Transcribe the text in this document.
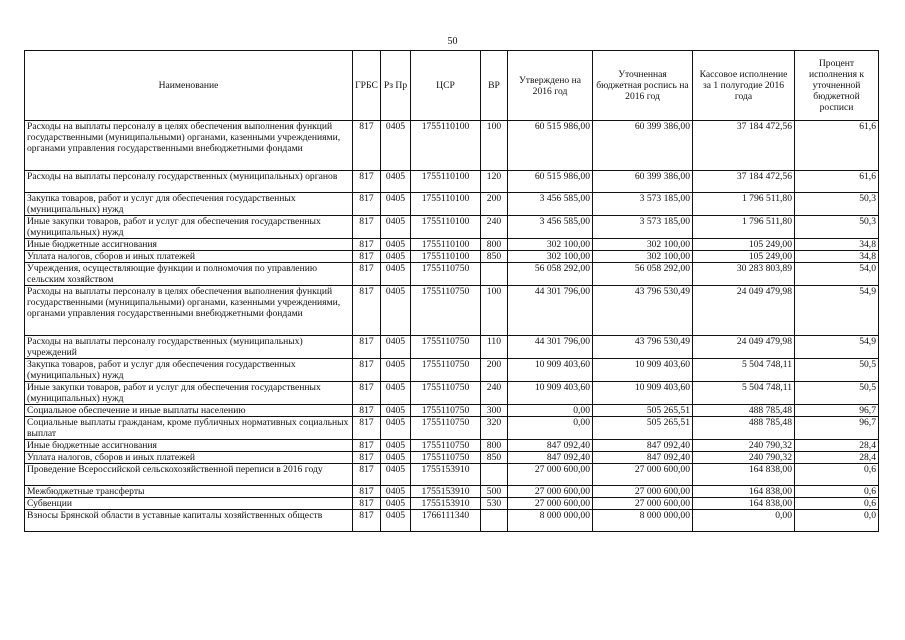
50
Наименование	ГРБС	Рз Пр	ЦСР	ВР	Утверждено на 2016 год	Уточненная бюджетная роспись на 2016 год	Кассовое исполнение за 1 полугодие 2016 года	Процент исполнения к уточненной бюджетной росписи
Расходы на выплаты персоналу в целях обеспечения выполнения функций государственными (муниципальными) органами, казенными учреждениями, органами управления государственными внебюджетными фондами	817	0405	1755110100	100	60 515 986,00	60 399 386,00	37 184 472,56	61,6
Расходы на выплаты персоналу государственных (муниципальных) органов	817	0405	1755110100	120	60 515 986,00	60 399 386,00	37 184 472,56	61,6
Закупка товаров, работ и услуг для обеспечения государственных (муниципальных) нужд	817	0405	1755110100	200	3 456 585,00	3 573 185,00	1 796 511,80	50,3
Иные закупки товаров, работ и услуг для обеспечения государственных (муниципальных) нужд	817	0405	1755110100	240	3 456 585,00	3 573 185,00	1 796 511,80	50,3
Иные бюджетные ассигнования	817	0405	1755110100	800	302 100,00	302 100,00	105 249,00	34,8
Уплата налогов, сборов и иных платежей	817	0405	1755110100	850	302 100,00	302 100,00	105 249,00	34,8
Учреждения, осуществляющие функции и полномочия по управлению сельским хозяйством	817	0405	1755110750		56 058 292,00	56 058 292,00	30 283 803,89	54,0
Расходы на выплаты персоналу в целях обеспечения выполнения функций государственными (муниципальными) органами, казенными учреждениями, органами управления государственными внебюджетными фондами	817	0405	1755110750	100	44 301 796,00	43 796 530,49	24 049 479,98	54,9
Расходы на выплаты персоналу государственных (муниципальных) учреждений	817	0405	1755110750	110	44 301 796,00	43 796 530,49	24 049 479,98	54,9
Закупка товаров, работ и услуг для обеспечения государственных (муниципальных) нужд	817	0405	1755110750	200	10 909 403,60	10 909 403,60	5 504 748,11	50,5
Иные закупки товаров, работ и услуг для обеспечения государственных (муниципальных) нужд	817	0405	1755110750	240	10 909 403,60	10 909 403,60	5 504 748,11	50,5
Социальное обеспечение и иные выплаты населению	817	0405	1755110750	300	0,00	505 265,51	488 785,48	96,7
Социальные выплаты гражданам, кроме публичных нормативных социальных выплат	817	0405	1755110750	320	0,00	505 265,51	488 785,48	96,7
Иные бюджетные ассигнования	817	0405	1755110750	800	847 092,40	847 092,40	240 790,32	28,4
Уплата налогов, сборов и иных платежей	817	0405	1755110750	850	847 092,40	847 092,40	240 790,32	28,4
Проведение Всероссийской сельскохозяйственной переписи в 2016 году	817	0405	1755153910		27 000 600,00	27 000 600,00	164 838,00	0,6
Межбюджетные трансферты	817	0405	1755153910	500	27 000 600,00	27 000 600,00	164 838,00	0,6
Субвенции	817	0405	1755153910	530	27 000 600,00	27 000 600,00	164 838,00	0,6
Взносы Брянской области в уставные капиталы хозяйственных обществ	817	0405	1766111340		8 000 000,00	8 000 000,00	0,00	0,0
